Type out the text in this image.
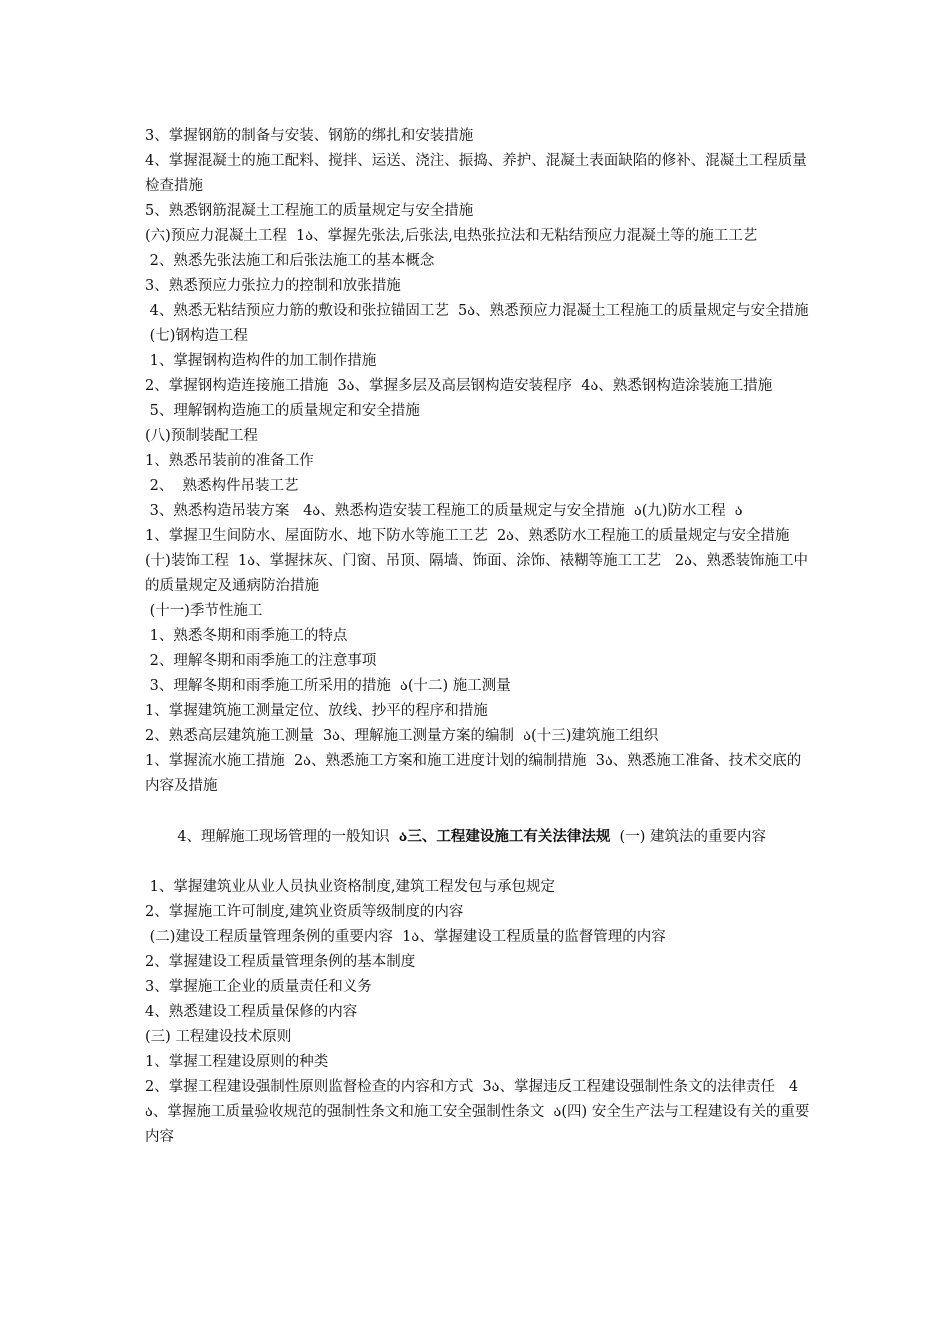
3、掌握钢筋的制备与安装、钢筋的绑扎和安装措施
4、掌握混凝土的施工配料、搅拌、运送、浇注、振捣、养护、混凝土表面缺陷的修补、混凝土工程质量检查措施
5、熟悉钢筋混凝土工程施工的质量规定与安全措施
(六)预应力混凝土工程  1ა、掌握先张法,后张法,电热张拉法和无粘结预应力混凝土等的施工工艺
2、熟悉先张法施工和后张法施工的基本概念
3、熟悉预应力张拉力的控制和放张措施
4、熟悉无粘结预应力筋的敷设和张拉锚固工艺  5ა、熟悉预应力混凝土工程施工的质量规定与安全措施
(七)钢构造工程
1、掌握钢构造构件的加工制作措施
2、掌握钢构造连接施工措施  3ა、掌握多层及高层钢构造安装程序  4ა、熟悉钢构造涂装施工措施
5、理解钢构造施工的质量规定和安全措施
(八)预制装配工程
1、熟悉吊装前的准备工作
2、  熟悉构件吊装工艺
3、熟悉构造吊装方案   4ა、熟悉构造安装工程施工的质量规定与安全措施  ა(九)防水工程  ა
1、掌握卫生间防水、屋面防水、地下防水等施工工艺  2ა、熟悉防水工程施工的质量规定与安全措施
(十)装饰工程  1ა、掌握抹灰、门窗、吊顶、隔墙、饰面、涂饰、裱糊等施工工艺   2ა、熟悉装饰施工中的质量规定及通病防治措施
(十一)季节性施工
1、熟悉冬期和雨季施工的特点
2、理解冬期和雨季施工的注意事项
3、理解冬期和雨季施工所采用的措施  ა(十二) 施工测量
1、掌握建筑施工测量定位、放线、抄平的程序和措施
2、熟悉高层建筑施工测量  3ა、理解施工测量方案的编制  ა(十三)建筑施工组织
1、掌握流水施工措施  2ა、熟悉施工方案和施工进度计划的编制措施  3ა、熟悉施工准备、技术交底的内容及措施

4、理解施工现场管理的一般知识  ა三、工程建设施工有关法律法规  (一) 建筑法的重要内容

1、掌握建筑业从业人员执业资格制度,建筑工程发包与承包规定
2、掌握施工许可制度,建筑业资质等级制度的内容
(二)建设工程质量管理条例的重要内容  1ა、掌握建设工程质量的监督管理的内容
2、掌握建设工程质量管理条例的基本制度
3、掌握施工企业的质量责任和义务
4、熟悉建设工程质量保修的内容
(三) 工程建设技术原则
1、掌握工程建设原则的种类
2、掌握工程建设强制性原则监督检查的内容和方式  3ა、掌握违反工程建设强制性条文的法律责任   4ა、掌握施工质量验收规范的强制性条文和施工安全强制性条文  ა(四) 安全生产法与工程建设有关的重要内容
